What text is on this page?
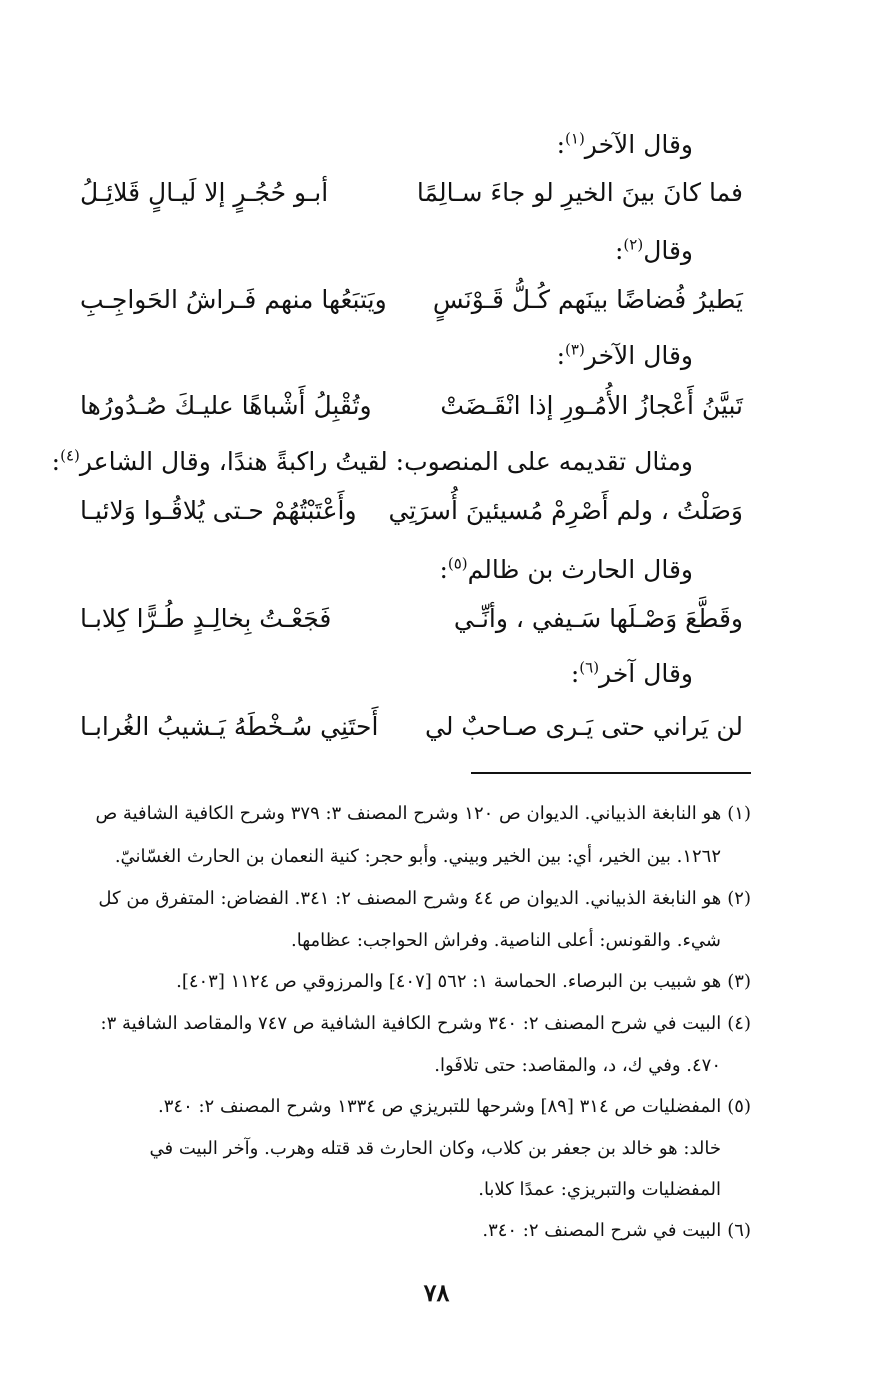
وقال الآخر$^{(١)}$:
فما كانَ بينَ الخيرِ لو جاءَ سـالِمًا
أبـو حُجُـرٍ إلا لَيـالٍ قَلائِـلُ
وقال$^{(٢)}$:
يَطيرُ فُضاضًا بينَهم كُـلُّ قَـوْنَسٍ
ويَتبَعُها منهم فَـراشُ الحَواجِـبِ
وقال الآخر$^{(٣)}$:
تَبيَّنُ أَعْجازُ الأُمُـورِ إذا انْقَـضَتْ
وتُقْبِلُ أَشْباهًا عليـكَ صُـدُورُها
ومثال تقديمه على المنصوب: لقيتُ راكبةً هندًا، وقال الشاعر$^{(٤)}$:
وَصَلْتُ ، ولم أَصْرِمْ مُسيئينَ أُسرَتِي
وأَعْتَبْتُهُمْ حـتى يُلاقُـوا وَلائيـا
وقال الحارث بن ظالم$^{(٥)}$:
وقَطَّعَ وَصْـلَها سَـيفي ، وأنِّـي
فَجَعْـتُ بِخالِـدٍ طُـرًّا كِلابـا
وقال آخر$^{(٦)}$:
لن يَراني حتى يَـرى صـاحبٌ لي
أَحتَنِي سُـخْطَهُ يَـشيبُ الغُرابـا
(١)هو النابغة الذبياني. الديوان ص ١٢٠ وشرح المصنف ٣: ٣٧٩ وشرح الكافية الشافية ص
١٢٦٢. بين الخير، أي: بين الخير وبيني. وأبو حجر: كنية النعمان بن الحارث الغسّانيّ.
(٢)هو النابغة الذبياني. الديوان ص ٤٤ وشرح المصنف ٢: ٣٤١. الفضاض: المتفرق من كل
شيء. والقونس: أعلى الناصية. وفراش الحواجب: عظامها.
(٣)هو شبيب بن البرصاء. الحماسة ١: ٥٦٢ [٤٠٧] والمرزوقي ص ١١٢٤ [٤٠٣].
(٤)البيت في شرح المصنف ٢: ٣٤٠ وشرح الكافية الشافية ص ٧٤٧ والمقاصد الشافية ٣:
٤٧٠. وفي ك، د، والمقاصد: حتى تلافَوا.
(٥)المفضليات ص ٣١٤ [٨٩] وشرحها للتبريزي ص ١٣٣٤ وشرح المصنف ٢: ٣٤٠.
خالد: هو خالد بن جعفر بن كلاب، وكان الحارث قد قتله وهرب. وآخر البيت في
المفضليات والتبريزي: عمدًا كلابا.
(٦)البيت في شرح المصنف ٢: ٣٤٠.
٧٨
